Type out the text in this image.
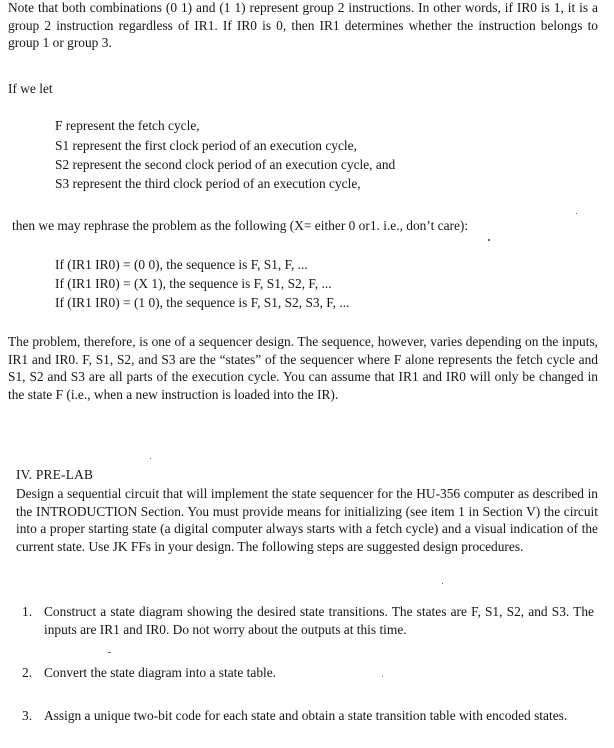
Note that both combinations (0 1) and (1 1) represent group 2 instructions. In other words, if IR0 is 1, it is a group 2 instruction regardless of IR1. If IR0 is 0, then IR1 determines whether the instruction belongs to group 1 or group 3.

If we let

F represent the fetch cycle,

S1 represent the first clock period of an execution cycle,

S2 represent the second clock period of an execution cycle, and

S3 represent the third clock period of an execution cycle,

then we may rephrase the problem as the following (X= either 0 or1. i.e., don’t care):

If (IR1 IR0) = (0 0), the sequence is F, S1, F, ...

If (IR1 IR0) = (X 1), the sequence is F, S1, S2, F, ...

If (IR1 IR0) = (1 0), the sequence is F, S1, S2, S3, F, ...

The problem, therefore, is one of a sequencer design. The sequence, however, varies depending on the inputs, IR1 and IR0. F, S1, S2, and S3 are the “states” of the sequencer where F alone represents the fetch cycle and S1, S2 and S3 are all parts of the execution cycle. You can assume that IR1 and IR0 will only be changed in the state F (i.e., when a new instruction is loaded into the IR).

IV. PRE-LAB

Design a sequential circuit that will implement the state sequencer for the HU-356 computer as described in the INTRODUCTION Section. You must provide means for initializing (see item 1 in Section V) the circuit into a proper starting state (a digital computer always starts with a fetch cycle) and a visual indication of the current state. Use JK FFs in your design. The following steps are suggested design procedures.

1. Construct a state diagram showing the desired state transitions. The states are F, S1, S2, and S3. The inputs are IR1 and IR0. Do not worry about the outputs at this time.
2. Convert the state diagram into a state table.
3. Assign a unique two-bit code for each state and obtain a state transition table with encoded states.
